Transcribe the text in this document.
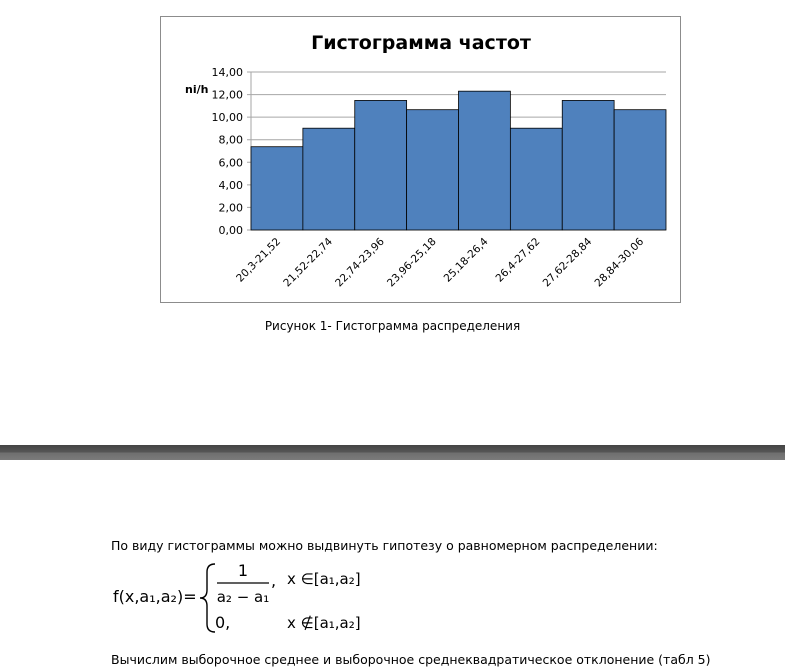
Гистограмма частот
ni/h
0,00
2,00
4,00
6,00
8,00
10,00
12,00
14,00
20,3-21,52
21,52-22,74
22,74-23,96
23,96-25,18 25,18-26,4 26,4-27,62
27,62-28,84
28,84-30,06
Рисунок 1- Гистограмма распределения
По виду гистограммы можно выдвинуть гипотезу о равномерном распределении:
f(x,a₁,a₂)=
1
a₂ − a₁
, x ∈[a₁,a₂]
0,	x ∉[a₁,a₂]
Вычислим выборочное среднее и выборочное среднеквадратическое отклонение (табл 5)
